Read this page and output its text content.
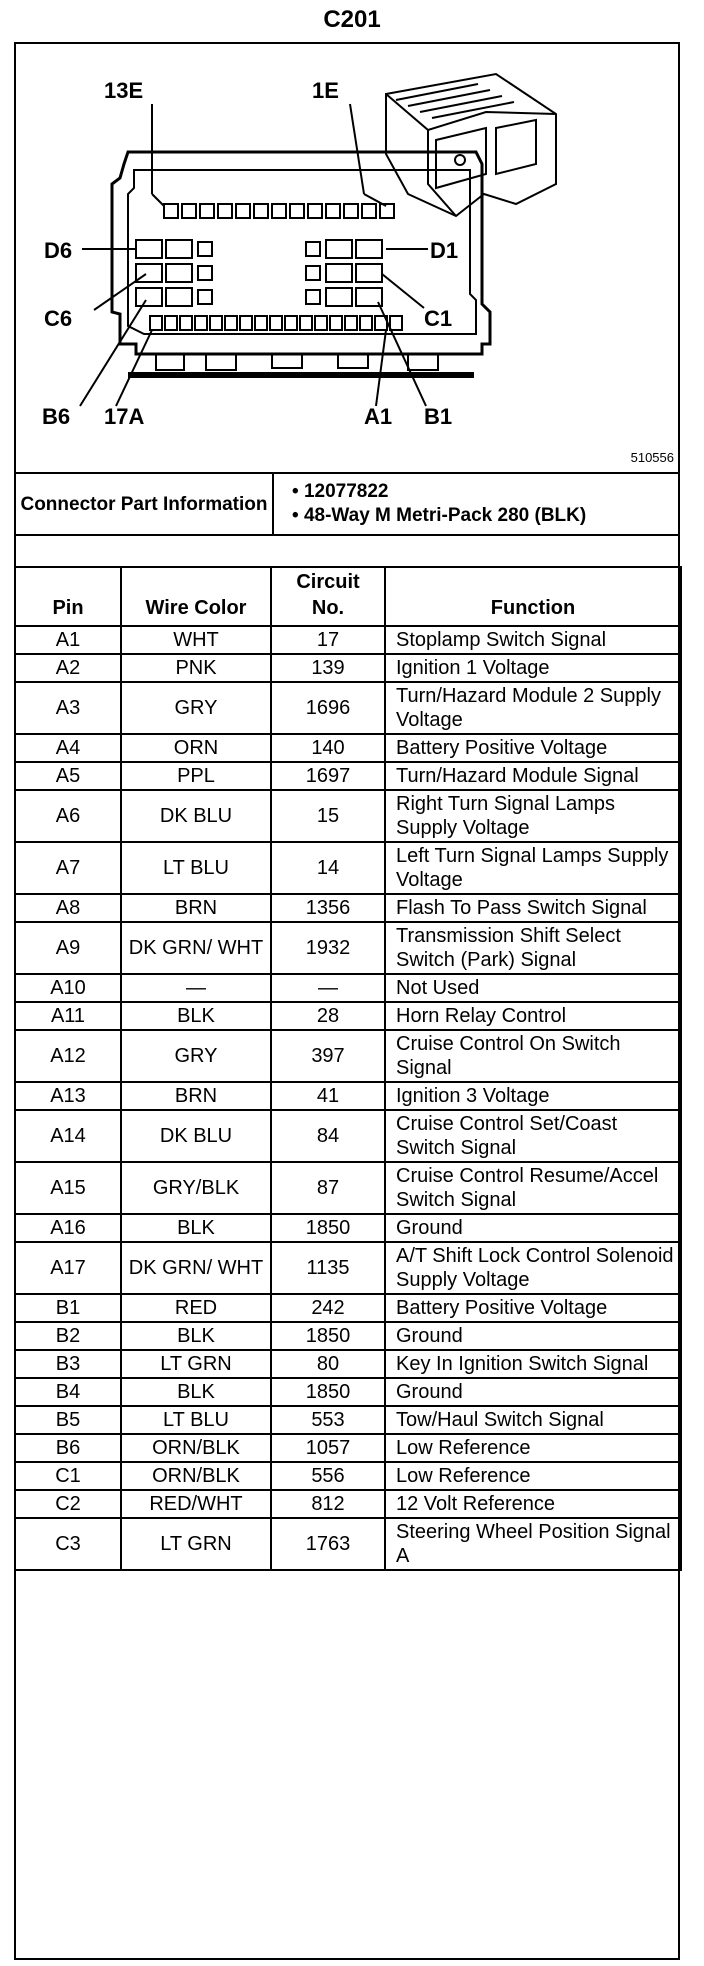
C201
13E	1E
D6	D1
C6	C1
B6 17A	A1 B1
510556
Connector Part Information	
• 12077822
• 48-Way M Metri-Pack 280 (BLK)
Pin	Wire Color	Circuit No.	Function
A1	WHT	17	Stoplamp Switch Signal
A2	PNK	139	Ignition 1 Voltage
A3	GRY	1696	Turn/Hazard Module 2 Supply Voltage
A4	ORN	140	Battery Positive Voltage
A5	PPL	1697	Turn/Hazard Module Signal
A6	DK BLU	15	Right Turn Signal Lamps Supply Voltage
A7	LT BLU	14	Left Turn Signal Lamps Supply Voltage
A8	BRN	1356	Flash To Pass Switch Signal
A9	DK GRN/ WHT	1932	Transmission Shift Select Switch (Park) Signal
A10	—	—	Not Used
A11	BLK	28	Horn Relay Control
A12	GRY	397	Cruise Control On Switch Signal
A13	BRN	41	Ignition 3 Voltage
A14	DK BLU	84	Cruise Control Set/Coast Switch Signal
A15	GRY/BLK	87	Cruise Control Resume/Accel Switch Signal
A16	BLK	1850	Ground
A17	DK GRN/ WHT	1135	A/T Shift Lock Control Solenoid Supply Voltage
B1	RED	242	Battery Positive Voltage
B2	BLK	1850	Ground
B3	LT GRN	80	Key In Ignition Switch Signal
B4	BLK	1850	Ground
B5	LT BLU	553	Tow/Haul Switch Signal
B6	ORN/BLK	1057	Low Reference
C1	ORN/BLK	556	Low Reference
C2	RED/WHT	812	12 Volt Reference
C3	LT GRN	1763	Steering Wheel Position Signal A
